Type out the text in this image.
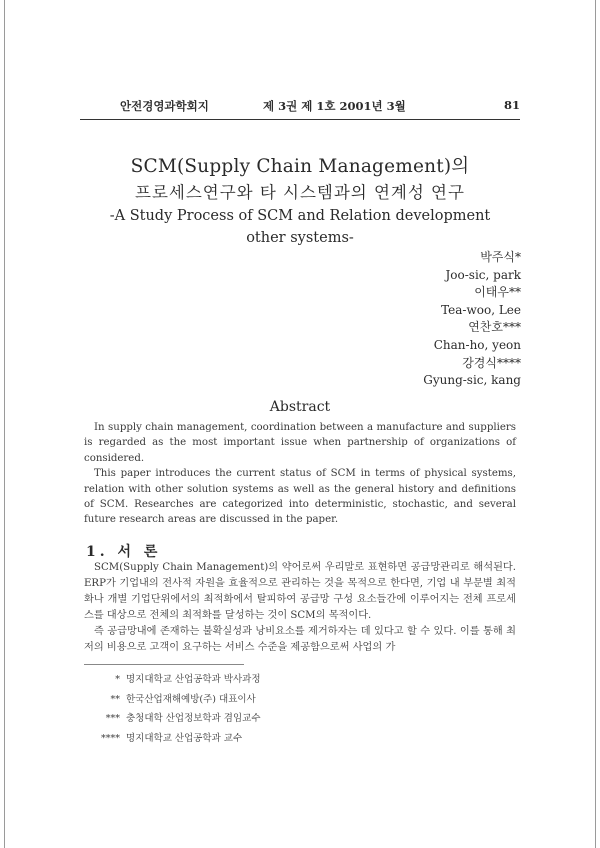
안전경영과학회지	제 3권 제 1호 2001년 3월	81
SCM(Supply Chain Management)의
프로세스연구와 타 시스템과의 연계성 연구
-A Study Process of SCM and Relation development
other systems-
박주식*
Joo-sic, park
이태우**
Tea-woo, Lee
연찬호***
Chan-ho, yeon
강경식****
Gyung-sic, kang
Abstract

In supply chain management, coordination between a manufacture and suppliers is regarded as the most important issue when partnership of organizations of considered.

This paper introduces the current status of SCM in terms of physical systems, relation with other solution systems as well as the general history and definitions of SCM. Researches are categorized into deterministic, stochastic, and several future research areas are discussed in the paper.

1. 서 론

SCM(Supply Chain Management)의 약어로써 우리말로 표현하면 공급망관리로 해석된다. ERP가 기업내의 전사적 자원을 효율적으로 관리하는 것을 목적으로 한다면, 기업 내 부문별 최적화나 개별 기업단위에서의 최적화에서 탈피하여 공급망 구성 요소들간에 이루어지는 전체 프로세스를 대상으로 전체의 최적화를 달성하는 것이 SCM의 목적이다.

즉 공급망내에 존재하는 불확실성과 낭비요소를 제거하자는 데 있다고 할 수 있다. 이를 통해 최저의 비용으로 고객이 요구하는 서비스 수준을 제공함으로써 사업의 가

* 명지대학교 산업공학과 박사과정
** 한국산업재해예방(주) 대표이사
*** 충청대학 산업정보학과 겸임교수
**** 명지대학교 산업공학과 교수
